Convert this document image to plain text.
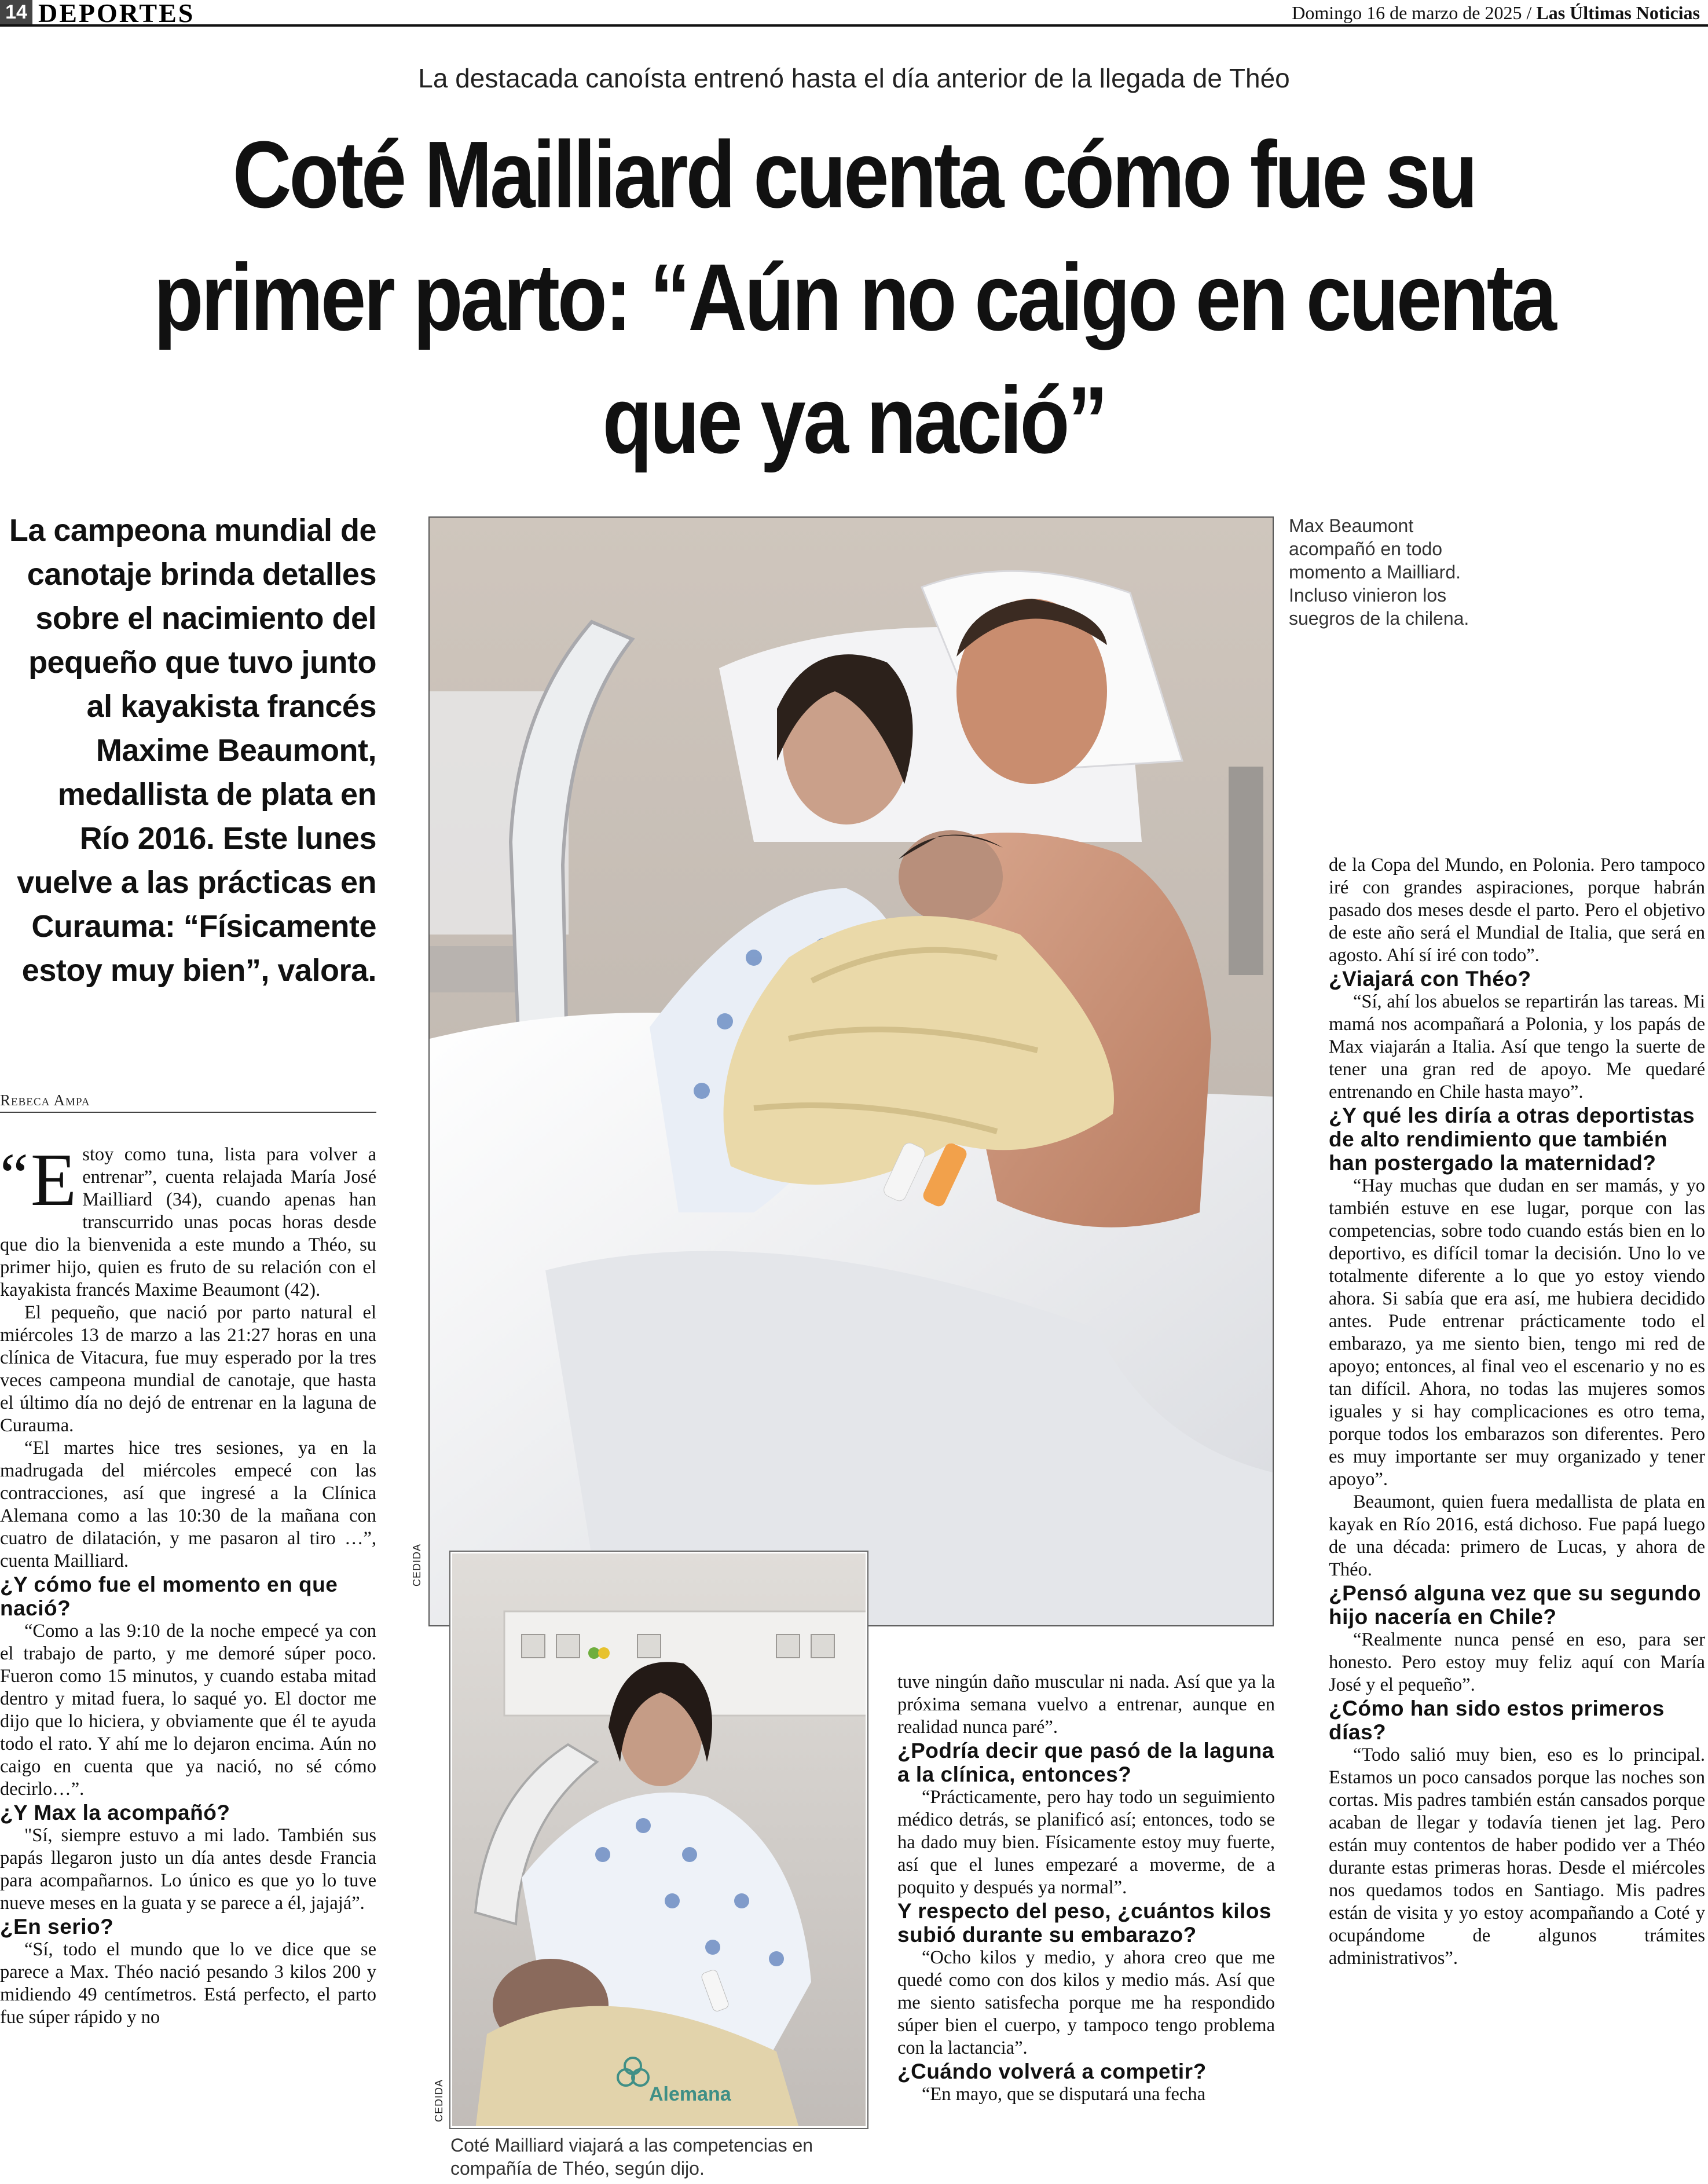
14 DEPORTES	Domingo 16 de marzo de 2025 / Las Últimas Noticias
La destacada canoísta entrenó hasta el día anterior de la llegada de Théo
Coté Mailliard cuenta cómo fue su primer parto: “Aún no caigo en cuenta que ya nació”
La campeona mundial de canotaje brinda detalles sobre el nacimiento del pequeño que tuvo junto al kayakista francés Maxime Beaumont, medallista de plata en Río 2016. Este lunes vuelve a las prácticas en Curauma: “Físicamente estoy muy bien”, valora.
Rebeca Ampa
CEDIDA
Max Beaumont acompañó en todo momento a Mailliard. Incluso vinieron los suegros de la chilena.
Alemana
CEDIDA
Coté Mailliard viajará a las competencias en compañía de Théo, según dijo.
“ E stoy como tuna, lista para volver a entrenar”, cuenta relajada María José Mailliard (34), cuando apenas han transcurrido unas pocas horas desde que dio la bienvenida a este mundo a Théo, su primer hijo, quien es fruto de su relación con el kayakista francés Maxime Beaumont (42).

El pequeño, que nació por parto natural el miércoles 13 de marzo a las 21:27 horas en una clínica de Vitacura, fue muy esperado por la tres veces campeona mundial de canotaje, que hasta el último día no dejó de entrenar en la laguna de Curauma.

“El martes hice tres sesiones, ya en la madrugada del miércoles empecé con las contracciones, así que ingresé a la Clínica Alemana como a las 10:30 de la mañana con cuatro de dilatación, y me pasaron al tiro …”, cuenta Mailliard.

¿Y cómo fue el momento en que nació?

“Como a las 9:10 de la noche empecé ya con el trabajo de parto, y me demoré súper poco. Fueron como 15 minutos, y cuando estaba mitad dentro y mitad fuera, lo saqué yo. El doctor me dijo que lo hiciera, y obviamente que él te ayuda todo el rato. Y ahí me lo dejaron encima. Aún no caigo en cuenta que ya nació, no sé cómo decirlo…”.

¿Y Max la acompañó?

"Sí, siempre estuvo a mi lado. También sus papás llegaron justo un día antes desde Francia para acompañarnos. Lo único es que yo lo tuve nueve meses en la guata y se parece a él, jajajá”.

¿En serio?

“Sí, todo el mundo que lo ve dice que se parece a Max. Théo nació pesando 3 kilos 200 y midiendo 49 centímetros. Está perfecto, el parto fue súper rápido y no

tuve ningún daño muscular ni nada. Así que ya la próxima semana vuelvo a entrenar, aunque en realidad nunca paré”.

¿Podría decir que pasó de la laguna a la clínica, entonces?

“Prácticamente, pero hay todo un seguimiento médico detrás, se planificó así; entonces, todo se ha dado muy bien. Físicamente estoy muy fuerte, así que el lunes empezaré a moverme, de a poquito y después ya normal”.

Y respecto del peso, ¿cuántos kilos subió durante su embarazo?

“Ocho kilos y medio, y ahora creo que me quedé como con dos kilos y medio más. Así que me siento satisfecha porque me ha respondido súper bien el cuerpo, y tampoco tengo problema con la lactancia”.

¿Cuándo volverá a competir?

“En mayo, que se disputará una fecha

de la Copa del Mundo, en Polonia. Pero tampoco iré con grandes aspiraciones, porque habrán pasado dos meses desde el parto. Pero el objetivo de este año será el Mundial de Italia, que será en agosto. Ahí sí iré con todo”.

¿Viajará con Théo?

“Sí, ahí los abuelos se repartirán las tareas. Mi mamá nos acompañará a Polonia, y los papás de Max viajarán a Italia. Así que tengo la suerte de tener una gran red de apoyo. Me quedaré entrenando en Chile hasta mayo”.

¿Y qué les diría a otras deportistas de alto rendimiento que también han postergado la maternidad?

“Hay muchas que dudan en ser mamás, y yo también estuve en ese lugar, porque con las competencias, sobre todo cuando estás bien en lo deportivo, es difícil tomar la decisión. Uno lo ve totalmente diferente a lo que yo estoy viendo ahora. Si sabía que era así, me hubiera decidido antes. Pude entrenar prácticamente todo el embarazo, ya me siento bien, tengo mi red de apoyo; entonces, al final veo el escenario y no es tan difícil. Ahora, no todas las mujeres somos iguales y si hay complicaciones es otro tema, porque todos los embarazos son diferentes. Pero es muy importante ser muy organizado y tener apoyo”.

Beaumont, quien fuera medallista de plata en kayak en Río 2016, está dichoso. Fue papá luego de una década: primero de Lucas, y ahora de Théo.

¿Pensó alguna vez que su segundo hijo nacería en Chile?

“Realmente nunca pensé en eso, para ser honesto. Pero estoy muy feliz aquí con María José y el pequeño”.

¿Cómo han sido estos primeros días?

“Todo salió muy bien, eso es lo principal. Estamos un poco cansados porque las noches son cortas. Mis padres también están cansados porque acaban de llegar y todavía tienen jet lag. Pero están muy contentos de haber podido ver a Théo durante estas primeras horas. Desde el miércoles nos quedamos todos en Santiago. Mis padres están de visita y yo estoy acompañando a Coté y ocupándome de algunos trámites administrativos”.
